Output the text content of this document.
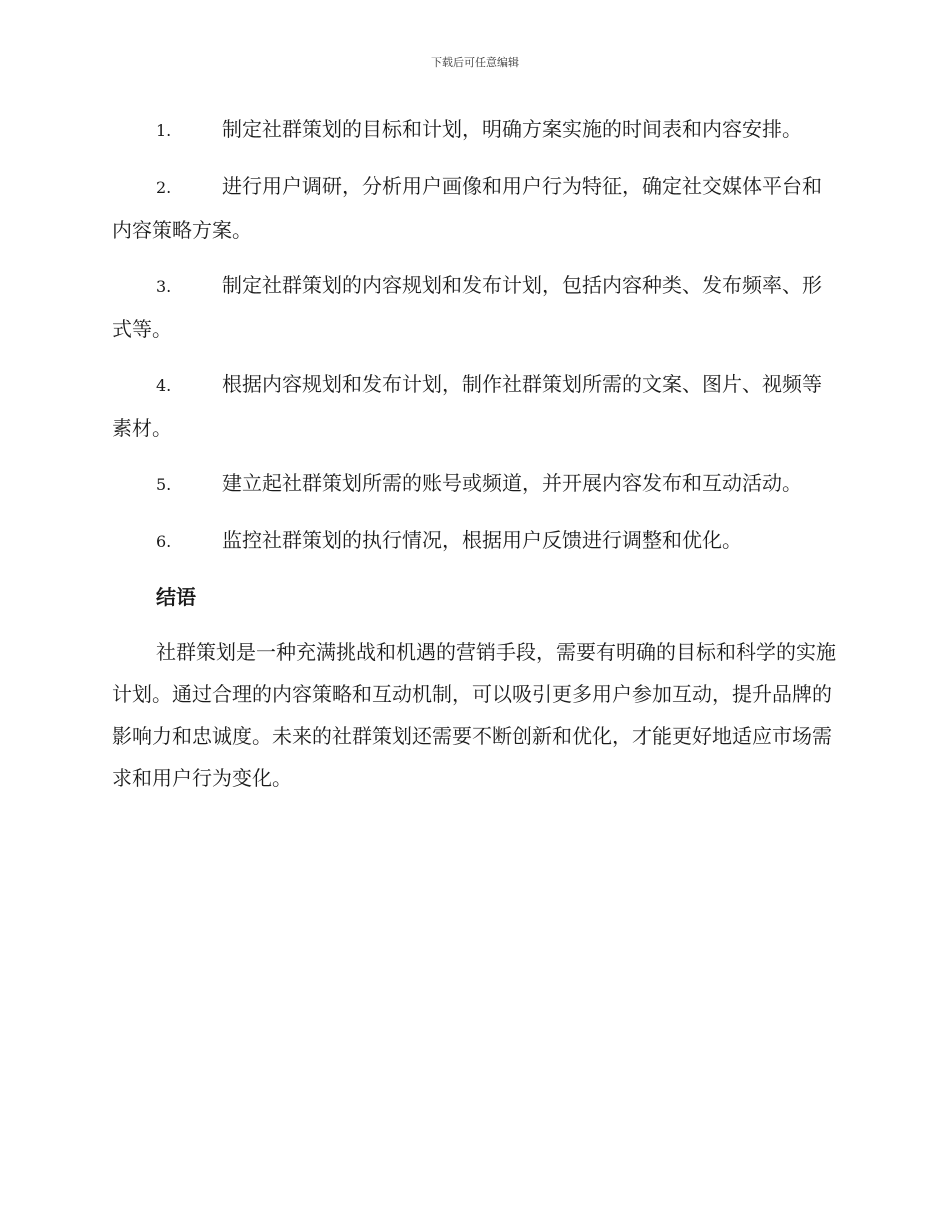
下载后可任意编辑
1.	制定社群策划的目标和计划，明确方案实施的时间表和内容安排。
2.	进行用户调研，分析用户画像和用户行为特征，确定社交媒体平台和内容策略方案。
3.	制定社群策划的内容规划和发布计划，包括内容种类、发布频率、形式等。
4.	根据内容规划和发布计划，制作社群策划所需的文案、图片、视频等素材。
5.	建立起社群策划所需的账号或频道，并开展内容发布和互动活动。
6.	监控社群策划的执行情况，根据用户反馈进行调整和优化。
结语

社群策划是一种充满挑战和机遇的营销手段，需要有明确的目标和科学的实施计划。通过合理的内容策略和互动机制，可以吸引更多用户参加互动，提升品牌的影响力和忠诚度。未来的社群策划还需要不断创新和优化，才能更好地适应市场需求和用户行为变化。
